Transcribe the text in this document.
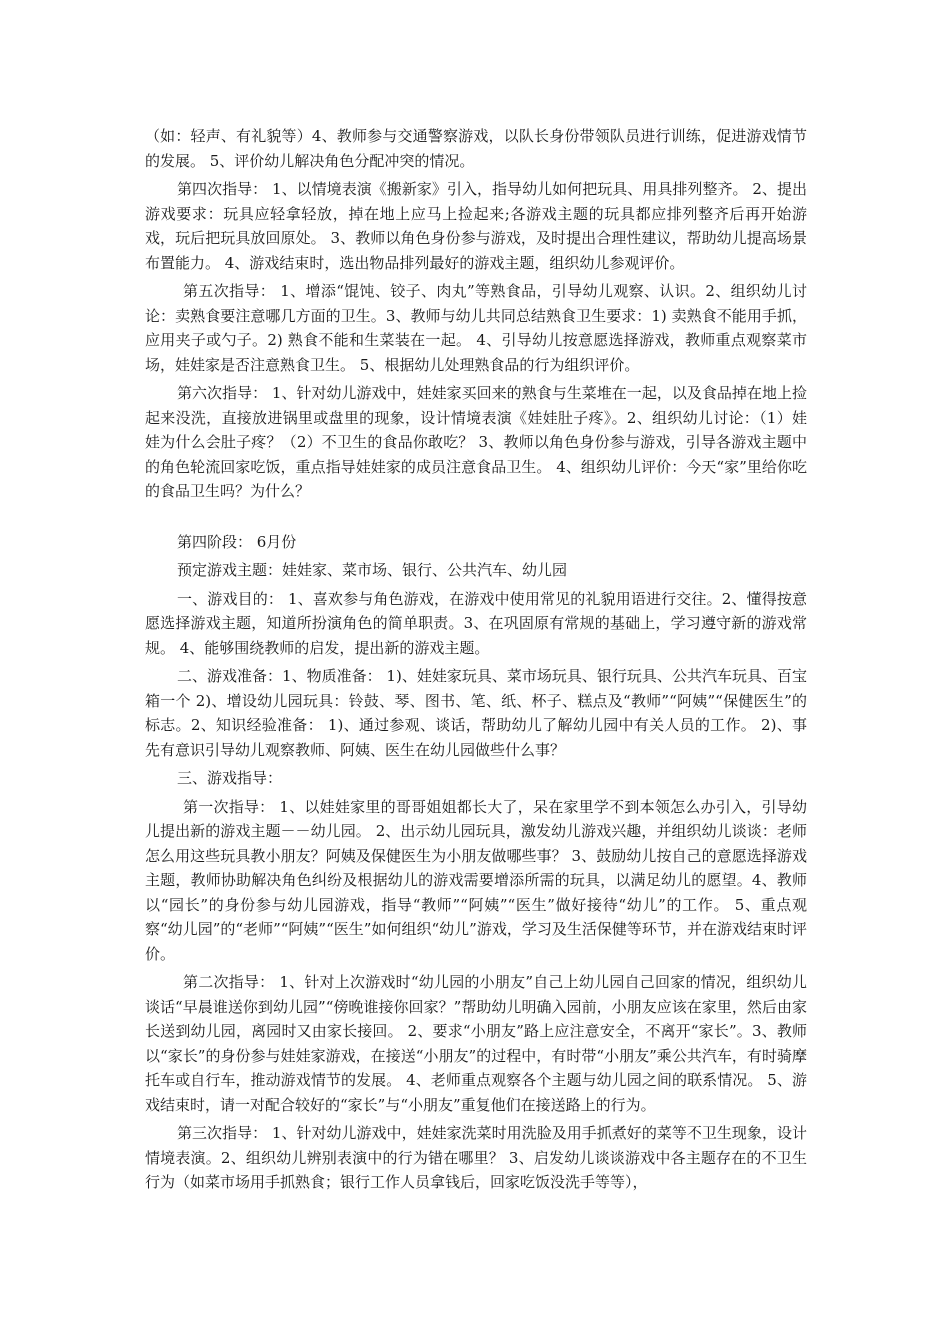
（如：轻声、有礼貌等）4、教师参与交通警察游戏，以队长身份带领队员进行训练，促进游戏情节的发展。 5、评价幼儿解决角色分配冲突的情况。

第四次指导： 1、以情境表演《搬新家》引入，指导幼儿如何把玩具、用具排列整齐。 2、提出游戏要求：玩具应轻拿轻放，掉在地上应马上捡起来;各游戏主题的玩具都应排列整齐后再开始游戏，玩后把玩具放回原处。 3、教师以角色身份参与游戏，及时提出合理性建议，帮助幼儿提高场景布置能力。 4、游戏结束时，选出物品排列最好的游戏主题，组织幼儿参观评价。

第五次指导： 1、增添“馄饨、铰子、肉丸”等熟食品，引导幼儿观察、认识。2、组织幼儿讨论：卖熟食要注意哪几方面的卫生。3、教师与幼儿共同总结熟食卫生要求：1) 卖熟食不能用手抓，应用夹子或勺子。2) 熟食不能和生菜装在一起。 4、引导幼儿按意愿选择游戏，教师重点观察菜市场，娃娃家是否注意熟食卫生。 5、根据幼儿处理熟食品的行为组织评价。

第六次指导： 1、针对幼儿游戏中，娃娃家买回来的熟食与生菜堆在一起，以及食品掉在地上捡起来没洗，直接放进锅里或盘里的现象，设计情境表演《娃娃肚子疼》。2、组织幼儿讨论：（1）娃娃为什么会肚子疼？（2）不卫生的食品你敢吃？ 3、教师以角色身份参与游戏，引导各游戏主题中的角色轮流回家吃饭，重点指导娃娃家的成员注意食品卫生。 4、组织幼儿评价：今天“家”里给你吃的食品卫生吗？为什么？

第四阶段： 6月份

预定游戏主题：娃娃家、菜市场、银行、公共汽车、幼儿园

一、游戏目的： 1、喜欢参与角色游戏，在游戏中使用常见的礼貌用语进行交往。2、懂得按意愿选择游戏主题，知道所扮演角色的简单职责。3、在巩固原有常规的基础上，学习遵守新的游戏常规。 4、能够围绕教师的启发，提出新的游戏主题。

二、游戏准备：1、物质准备： 1)、娃娃家玩具、菜市场玩具、银行玩具、公共汽车玩具、百宝箱一个 2)、增设幼儿园玩具：铃鼓、琴、图书、笔、纸、杯子、糕点及“教师”“阿姨”“保健医生”的标志。2、知识经验准备： 1)、通过参观、谈话，帮助幼儿了解幼儿园中有关人员的工作。 2)、事先有意识引导幼儿观察教师、阿姨、医生在幼儿园做些什么事？

三、游戏指导：

第一次指导： 1、以娃娃家里的哥哥姐姐都长大了，呆在家里学不到本领怎么办引入，引导幼儿提出新的游戏主题－－幼儿园。 2、出示幼儿园玩具，激发幼儿游戏兴趣，并组织幼儿谈谈：老师怎么用这些玩具教小朋友？阿姨及保健医生为小朋友做哪些事？ 3、鼓励幼儿按自己的意愿选择游戏主题，教师协助解决角色纠纷及根据幼儿的游戏需要增添所需的玩具，以满足幼儿的愿望。4、教师以“园长”的身份参与幼儿园游戏，指导“教师”“阿姨”“医生”做好接待“幼儿”的工作。 5、重点观察“幼儿园”的“老师”“阿姨”“医生”如何组织“幼儿”游戏，学习及生活保健等环节，并在游戏结束时评价。

第二次指导： 1、针对上次游戏时“幼儿园的小朋友”自己上幼儿园自己回家的情况，组织幼儿谈话“早晨谁送你到幼儿园”“傍晚谁接你回家？”帮助幼儿明确入园前，小朋友应该在家里，然后由家长送到幼儿园，离园时又由家长接回。 2、要求“小朋友”路上应注意安全，不离开“家长”。3、教师以“家长”的身份参与娃娃家游戏，在接送“小朋友”的过程中，有时带“小朋友”乘公共汽车，有时骑摩托车或自行车，推动游戏情节的发展。 4、老师重点观察各个主题与幼儿园之间的联系情况。 5、游戏结束时，请一对配合较好的“家长”与“小朋友”重复他们在接送路上的行为。

第三次指导： 1、针对幼儿游戏中，娃娃家洗菜时用洗脸及用手抓煮好的菜等不卫生现象，设计情境表演。2、组织幼儿辨别表演中的行为错在哪里？ 3、启发幼儿谈谈游戏中各主题存在的不卫生行为（如菜市场用手抓熟食；银行工作人员拿钱后，回家吃饭没洗手等等），
